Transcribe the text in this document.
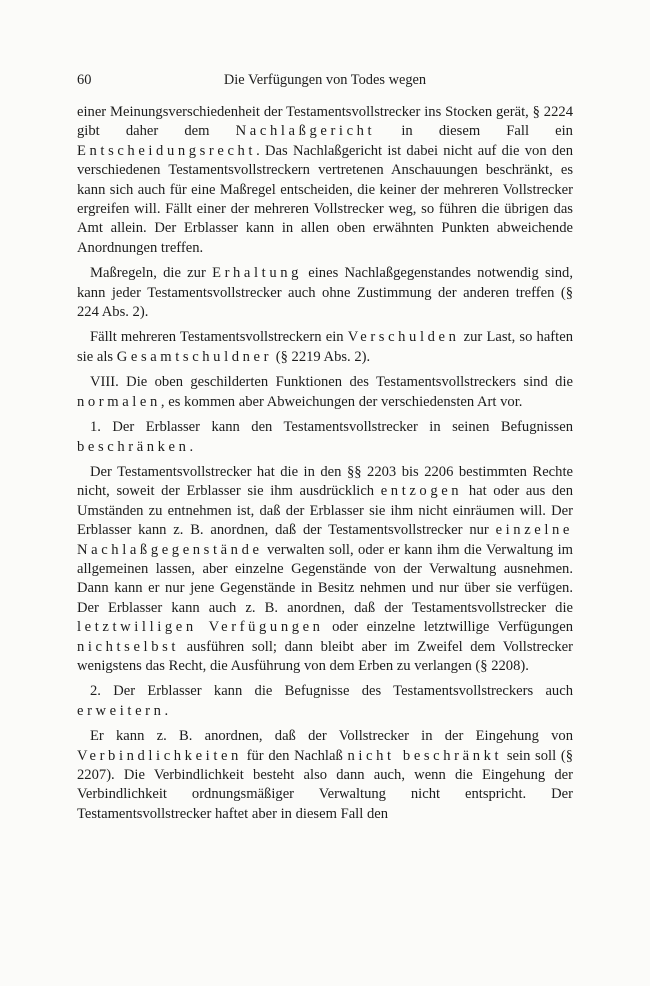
60	Die Verfügungen von Todes wegen

einer Meinungsverschiedenheit der Testamentsvollstrecker ins Stocken gerät, § 2224 gibt daher dem Nachlaßgericht in diesem Fall ein Entscheidungsrecht. Das Nachlaßgericht ist dabei nicht auf die von den verschiedenen Testamentsvollstreckern vertretenen Anschauungen beschränkt, es kann sich auch für eine Maßregel entscheiden, die keiner der mehreren Vollstrecker ergreifen will. Fällt einer der mehreren Vollstrecker weg, so führen die übrigen das Amt allein. Der Erblasser kann in allen oben erwähnten Punkten abweichende Anordnungen treffen.

Maßregeln, die zur Erhaltung eines Nachlaßgegenstandes notwendig sind, kann jeder Testamentsvollstrecker auch ohne Zustimmung der anderen treffen (§ 224 Abs. 2).

Fällt mehreren Testamentsvollstreckern ein Verschulden zur Last, so haften sie als Gesamtschuldner (§ 2219 Abs. 2).

VIII. Die oben geschilderten Funktionen des Testamentsvollstreckers sind die normalen, es kommen aber Abweichungen der verschiedensten Art vor.

1. Der Erblasser kann den Testamentsvollstrecker in seinen Befugnissen beschränken.

Der Testamentsvollstrecker hat die in den §§ 2203 bis 2206 bestimmten Rechte nicht, soweit der Erblasser sie ihm ausdrücklich entzogen hat oder aus den Umständen zu entnehmen ist, daß der Erblasser sie ihm nicht einräumen will. Der Erblasser kann z. B. anordnen, daß der Testamentsvollstrecker nur einzelne Nachlaßgegenstände verwalten soll, oder er kann ihm die Verwaltung im allgemeinen lassen, aber einzelne Gegenstände von der Verwaltung ausnehmen. Dann kann er nur jene Gegenstände in Besitz nehmen und nur über sie verfügen. Der Erblasser kann auch z. B. anordnen, daß der Testamentsvollstrecker die letztwilligen Verfügungen oder einzelne letztwillige Verfügungen nichtselbst ausführen soll; dann bleibt aber im Zweifel dem Vollstrecker wenigstens das Recht, die Ausführung von dem Erben zu verlangen (§ 2208).

2. Der Erblasser kann die Befugnisse des Testamentsvollstreckers auch erweitern.

Er kann z. B. anordnen, daß der Vollstrecker in der Eingehung von Verbindlichkeiten für den Nachlaß nicht beschränkt sein soll (§ 2207). Die Verbindlichkeit besteht also dann auch, wenn die Eingehung der Verbindlichkeit ordnungsmäßiger Verwaltung nicht entspricht. Der Testamentsvollstrecker haftet aber in diesem Fall den
